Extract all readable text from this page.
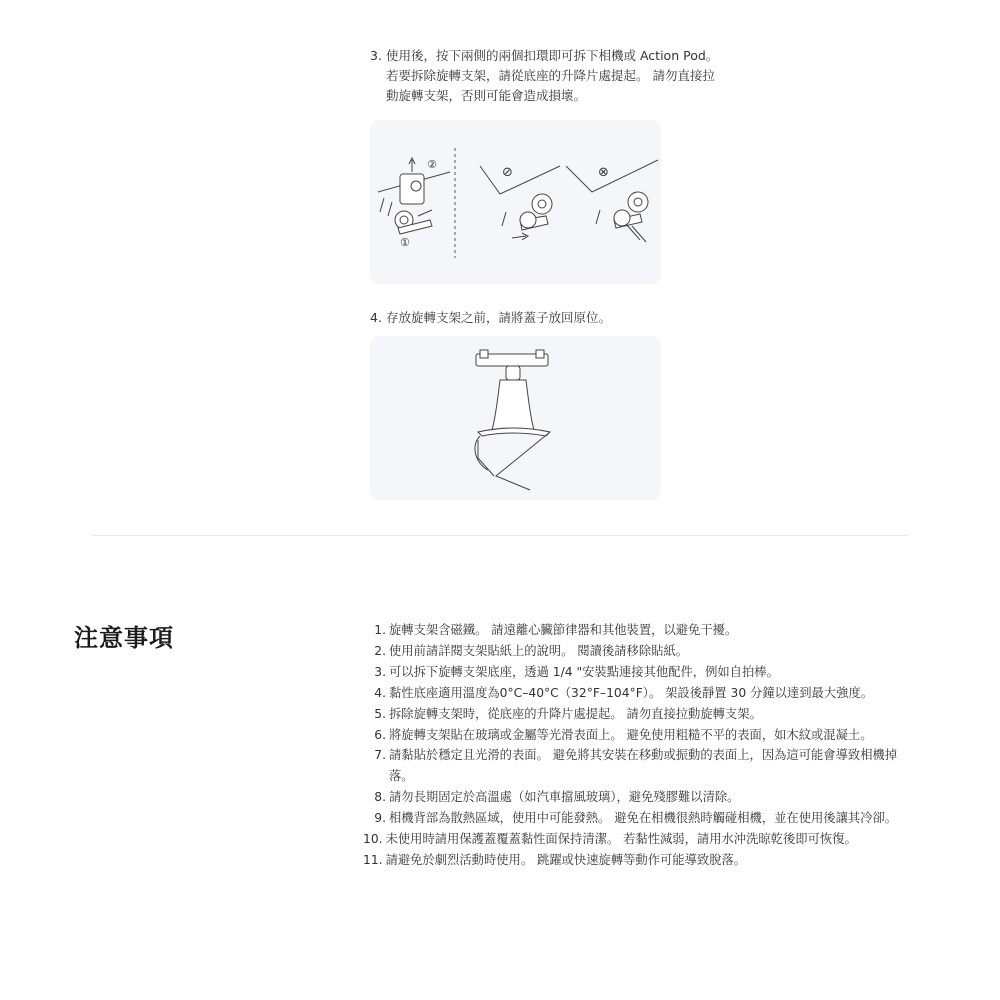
3. 使用後，按下兩側的兩個扣環即可拆下相機或 Action Pod。
若要拆除旋轉支架，請從底座的升降片處提起。 請勿直接拉
動旋轉支架，否則可能會造成損壞。
②
①
⊘	⊗
4. 存放旋轉支架之前，請將蓋子放回原位。
注意事項	1. 旋轉支架含磁鐵。 請遠離心臟節律器和其他裝置，以避免干擾。
2. 使用前請詳閱支架貼紙上的說明。 閱讀後請移除貼紙。
3. 可以拆下旋轉支架底座，透過 1/4 "安裝點連接其他配件，例如自拍棒。
4. 黏性底座適用溫度為0°C–40°C（32°F–104°F）。 架設後靜置 30 分鐘以達到最大強度。
5. 拆除旋轉支架時，從底座的升降片處提起。 請勿直接拉動旋轉支架。
6. 將旋轉支架貼在玻璃或金屬等光滑表面上。 避免使用粗糙不平的表面，如木紋或混凝土。
7. 請黏貼於穩定且光滑的表面。 避免將其安裝在移動或振動的表面上，因為這可能會導致相機掉落。
8. 請勿長期固定於高溫處（如汽車擋風玻璃），避免殘膠難以清除。
9. 相機背部為散熱區域，使用中可能發熱。 避免在相機很熱時觸碰相機，並在使用後讓其冷卻。
10. 未使用時請用保護蓋覆蓋黏性面保持清潔。 若黏性減弱，請用水沖洗晾乾後即可恢復。
11. 請避免於劇烈活動時使用。 跳躍或快速旋轉等動作可能導致脫落。
